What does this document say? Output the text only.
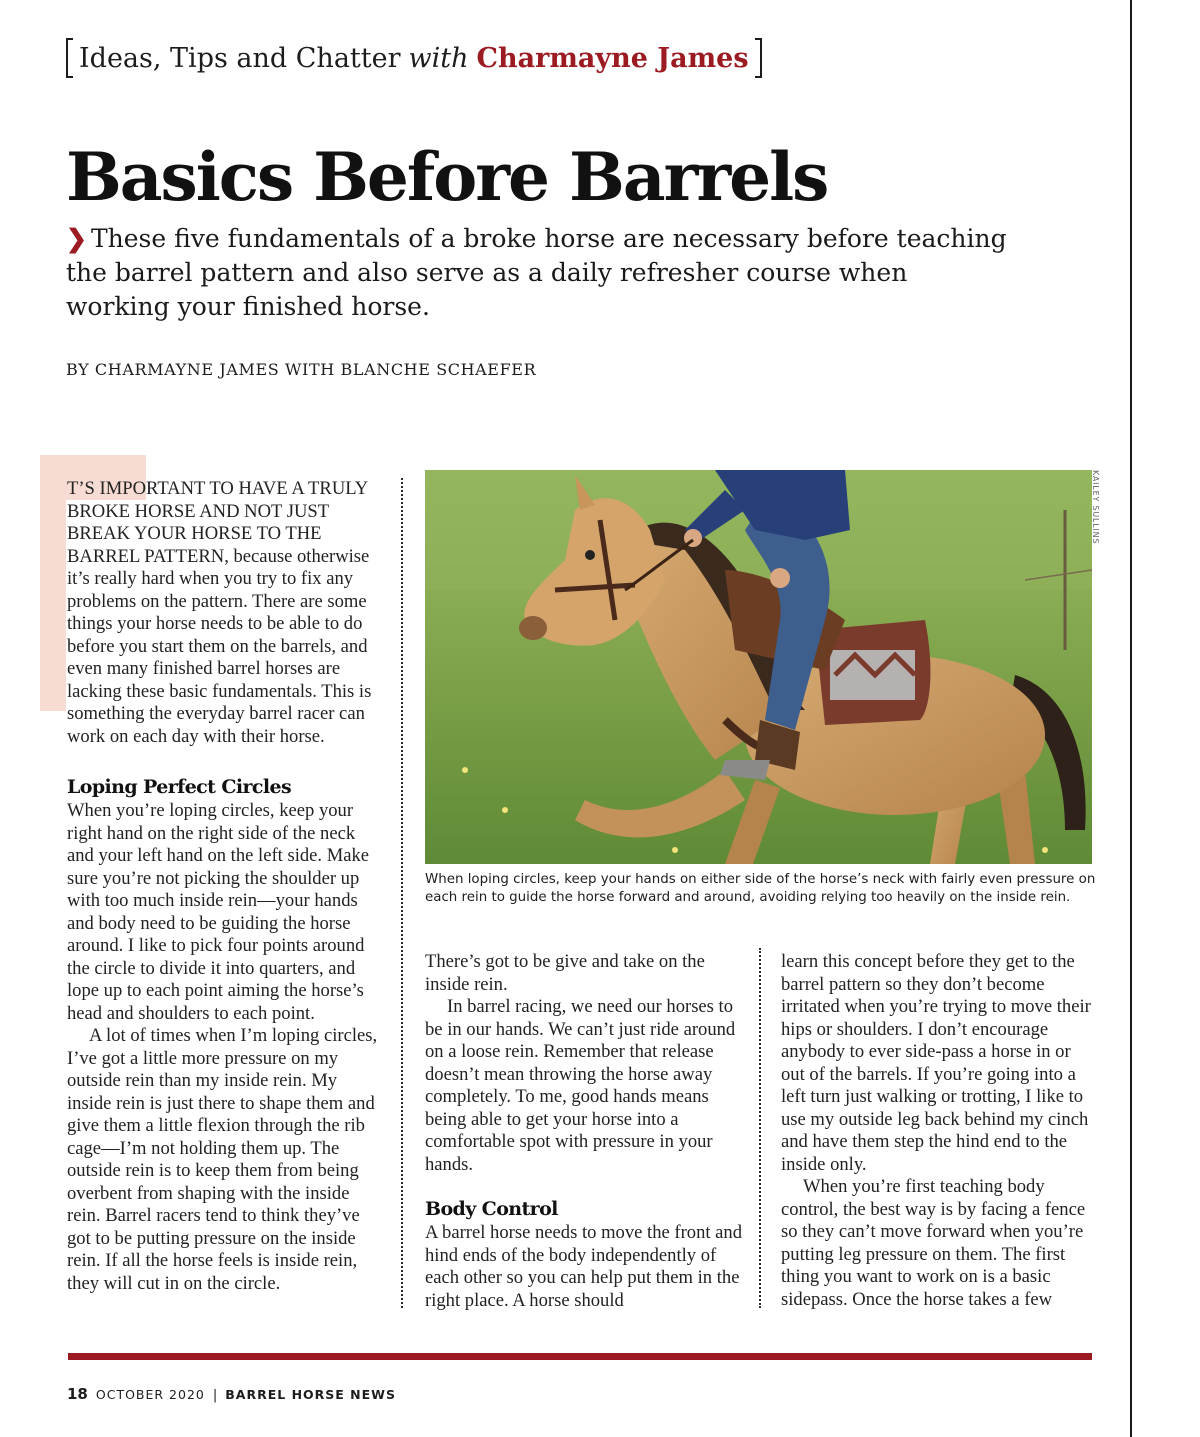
Ideas, Tips and Chatter with Charmayne James
Basics Before Barrels
❯ These five fundamentals of a broke horse are necessary before teaching the barrel pattern and also serve as a daily refresher course when working your finished horse.
BY CHARMAYNE JAMES WITH BLANCHE SCHAEFER

T’S IMPORTANT TO HAVE A TRULY BROKE HORSE AND NOT JUST BREAK YOUR HORSE TO THE BARREL PATTERN, because otherwise it’s really hard when you try to fix any problems on the pattern. There are some things your horse needs to be able to do before you start them on the barrels, and even many finished barrel horses are lacking these basic fundamentals. This is something the everyday barrel racer can work on each day with their horse.

Loping Perfect Circles

When you’re loping circles, keep your right hand on the right side of the neck and your left hand on the left side. Make sure you’re not picking the shoulder up with too much inside rein—your hands and body need to be guiding the horse around. I like to pick four points around the circle to divide it into quarters, and lope up to each point aiming the horse’s head and shoulders to each point.

A lot of times when I’m loping circles, I’ve got a little more pressure on my outside rein than my inside rein. My inside rein is just there to shape them and give them a little flexion through the rib cage—I’m not holding them up. The outside rein is to keep them from being overbent from shaping with the inside rein. Barrel racers tend to think they’ve got to be putting pressure on the inside rein. If all the horse feels is inside rein, they will cut in on the circle.

KAILEY SULLINS
When loping circles, keep your hands on either side of the horse’s neck with fairly even pressure on each rein to guide the horse forward and around, avoiding relying too heavily on the inside rein.

There’s got to be give and take on the inside rein.

In barrel racing, we need our horses to be in our hands. We can’t just ride around on a loose rein. Remember that release doesn’t mean throwing the horse away completely. To me, good hands means being able to get your horse into a comfortable spot with pressure in your hands.

Body Control

A barrel horse needs to move the front and hind ends of the body independently of each other so you can help put them in the right place. A horse should

learn this concept before they get to the barrel pattern so they don’t become irritated when you’re trying to move their hips or shoulders. I don’t encourage anybody to ever side-pass a horse in or out of the barrels. If you’re going into a left turn just walking or trotting, I like to use my outside leg back behind my cinch and have them step the hind end to the inside only.

When you’re first teaching body control, the best way is by facing a fence so they can’t move forward when you’re putting leg pressure on them. The first thing you want to work on is a basic sidepass. Once the horse takes a few

18 OCTOBER 2020 | BARREL HORSE NEWS
